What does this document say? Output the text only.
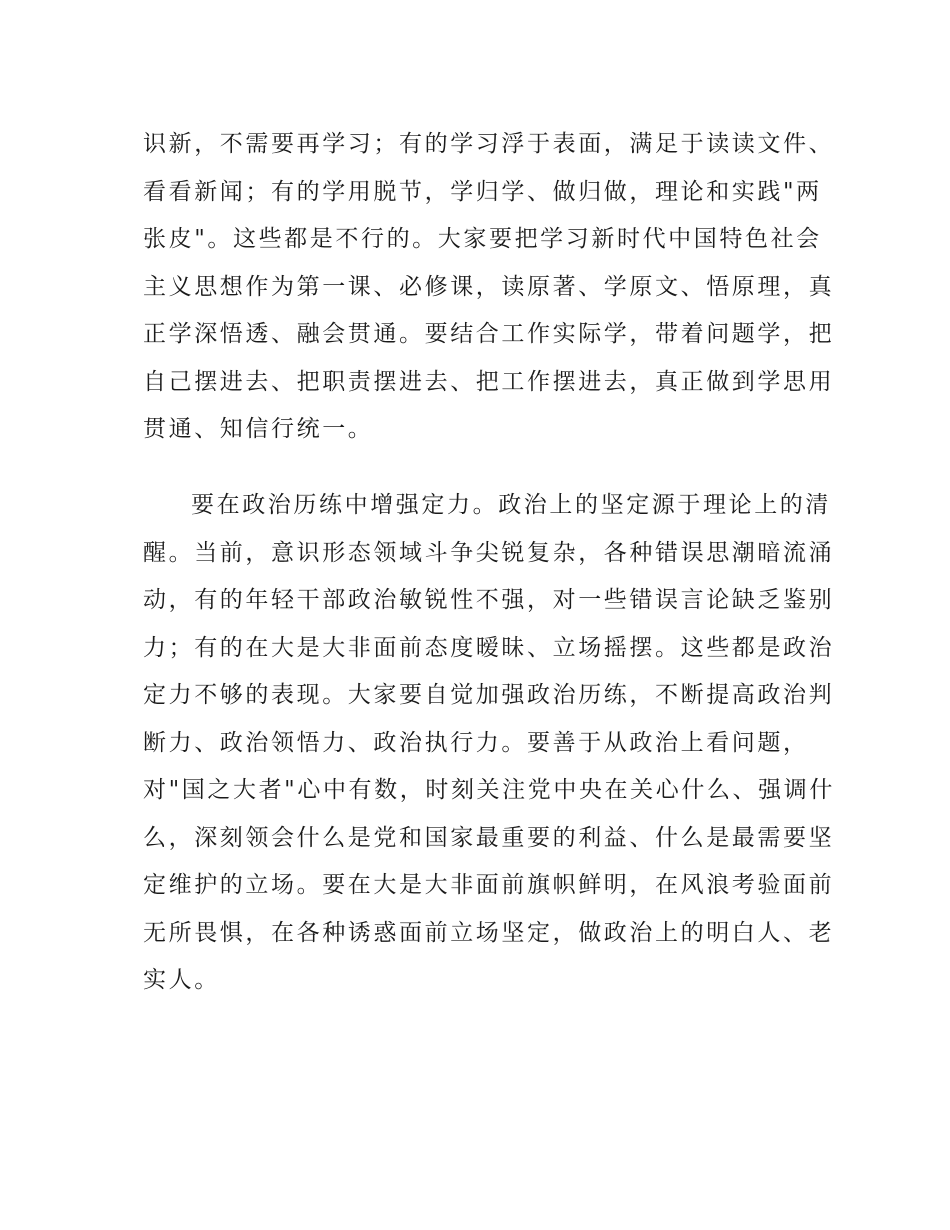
识新，不需要再学习；有的学习浮于表面，满足于读读文件、
看看新闻；有的学用脱节，学归学、做归做，理论和实践"两
张皮"。这些都是不行的。大家要把学习新时代中国特色社会
主义思想作为第一课、必修课，读原著、学原文、悟原理，真
正学深悟透、融会贯通。要结合工作实际学，带着问题学，把
自己摆进去、把职责摆进去、把工作摆进去，真正做到学思用
贯通、知信行统一。

要在政治历练中增强定力。政治上的坚定源于理论上的清
醒。当前，意识形态领域斗争尖锐复杂，各种错误思潮暗流涌
动，有的年轻干部政治敏锐性不强，对一些错误言论缺乏鉴别
力；有的在大是大非面前态度暧昧、立场摇摆。这些都是政治
定力不够的表现。大家要自觉加强政治历练，不断提高政治判
断力、政治领悟力、政治执行力。要善于从政治上看问题，
对"国之大者"心中有数，时刻关注党中央在关心什么、强调什
么，深刻领会什么是党和国家最重要的利益、什么是最需要坚
定维护的立场。要在大是大非面前旗帜鲜明，在风浪考验面前
无所畏惧，在各种诱惑面前立场坚定，做政治上的明白人、老
实人。
